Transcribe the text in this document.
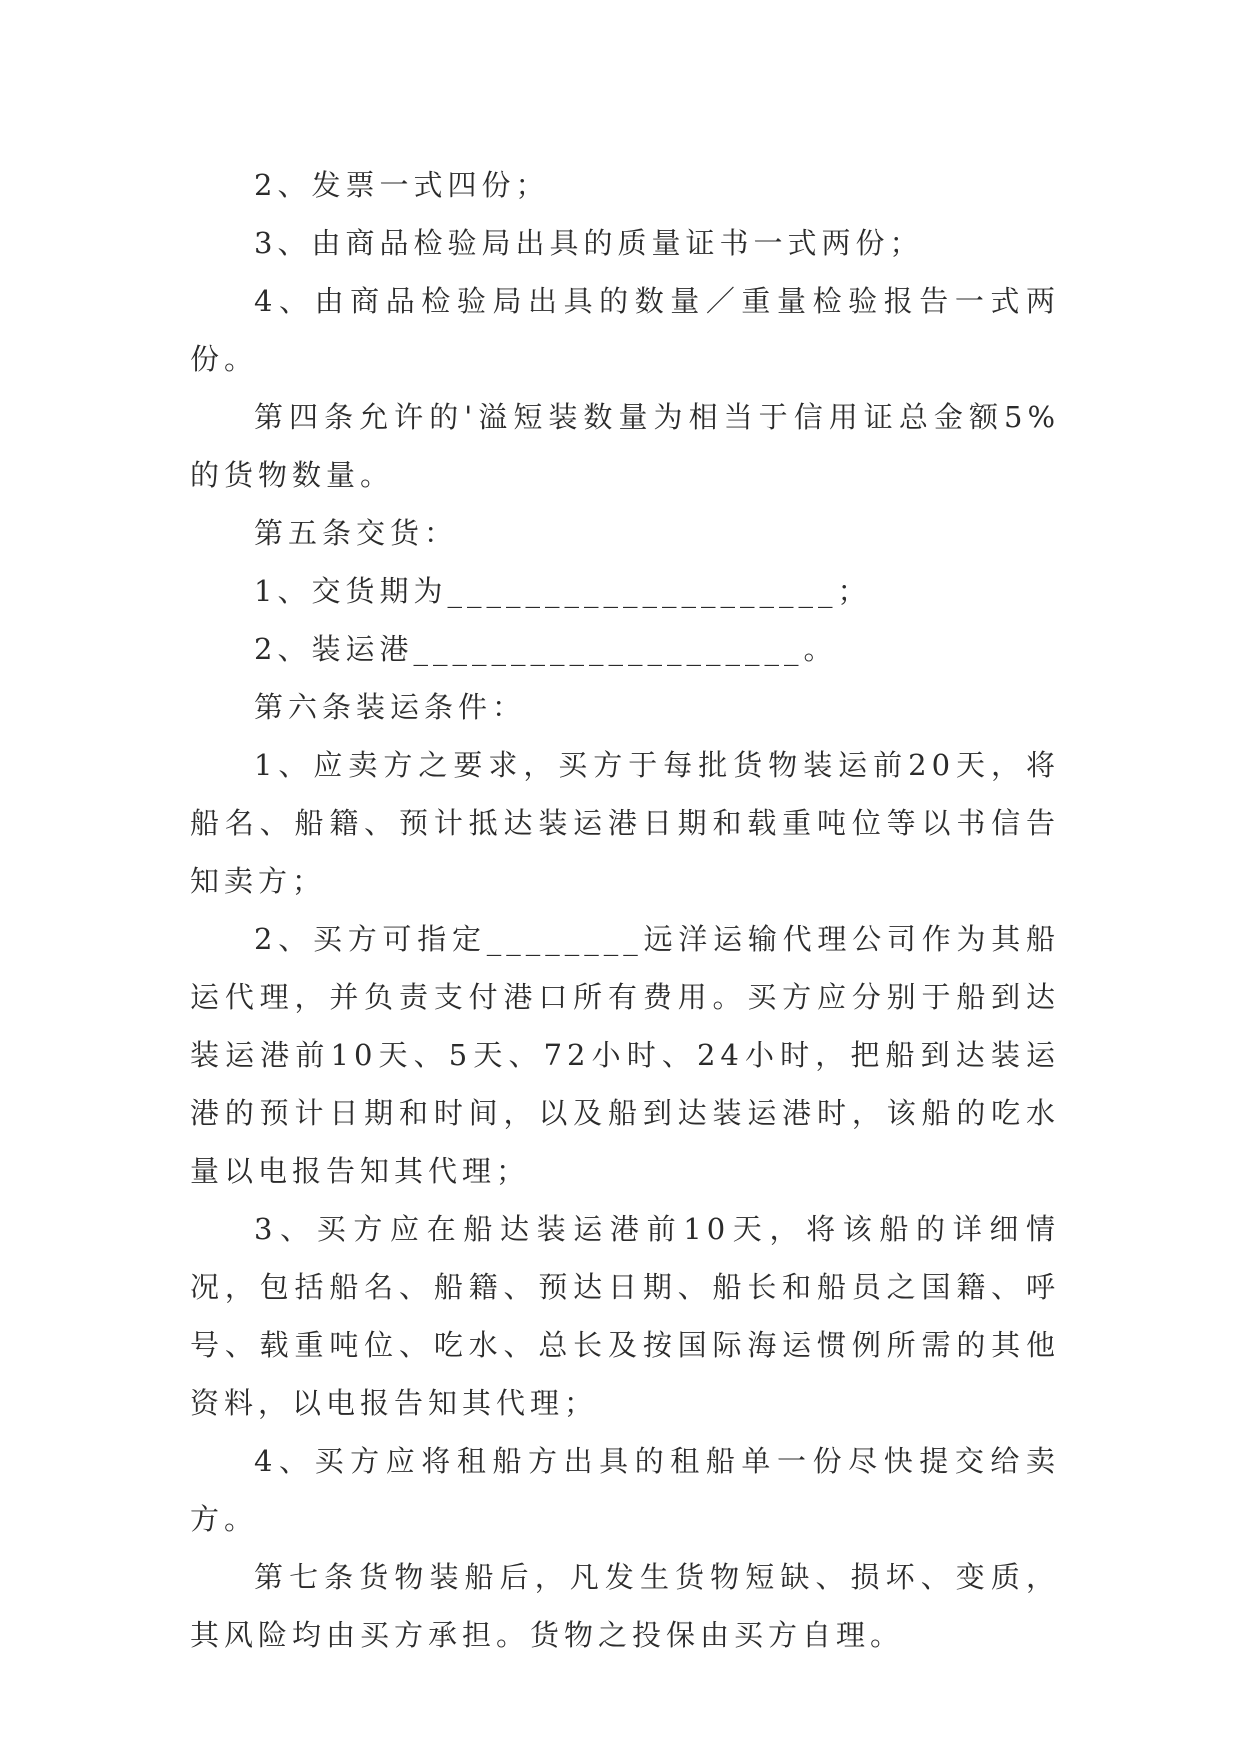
2、发票一式四份；

3、由商品检验局出具的质量证书一式两份；

4、由商品检验局出具的数量／重量检验报告一式两份。

第四条允许的'溢短装数量为相当于信用证总金额5%的货物数量。

第五条交货：

1、交货期为____________________；

2、装运港____________________。

第六条装运条件：

1、应卖方之要求，买方于每批货物装运前20天，将船名、船籍、预计抵达装运港日期和载重吨位等以书信告知卖方；

2、买方可指定________远洋运输代理公司作为其船运代理，并负责支付港口所有费用。买方应分别于船到达装运港前10天、5天、72小时、24小时，把船到达装运港的预计日期和时间，以及船到达装运港时，该船的吃水量以电报告知其代理；

3、买方应在船达装运港前10天，将该船的详细情况，包括船名、船籍、预达日期、船长和船员之国籍、呼号、载重吨位、吃水、总长及按国际海运惯例所需的其他资料，以电报告知其代理；

4、买方应将租船方出具的租船单一份尽快提交给卖方。

第七条货物装船后，凡发生货物短缺、损坏、变质，其风险均由买方承担。货物之投保由买方自理。
